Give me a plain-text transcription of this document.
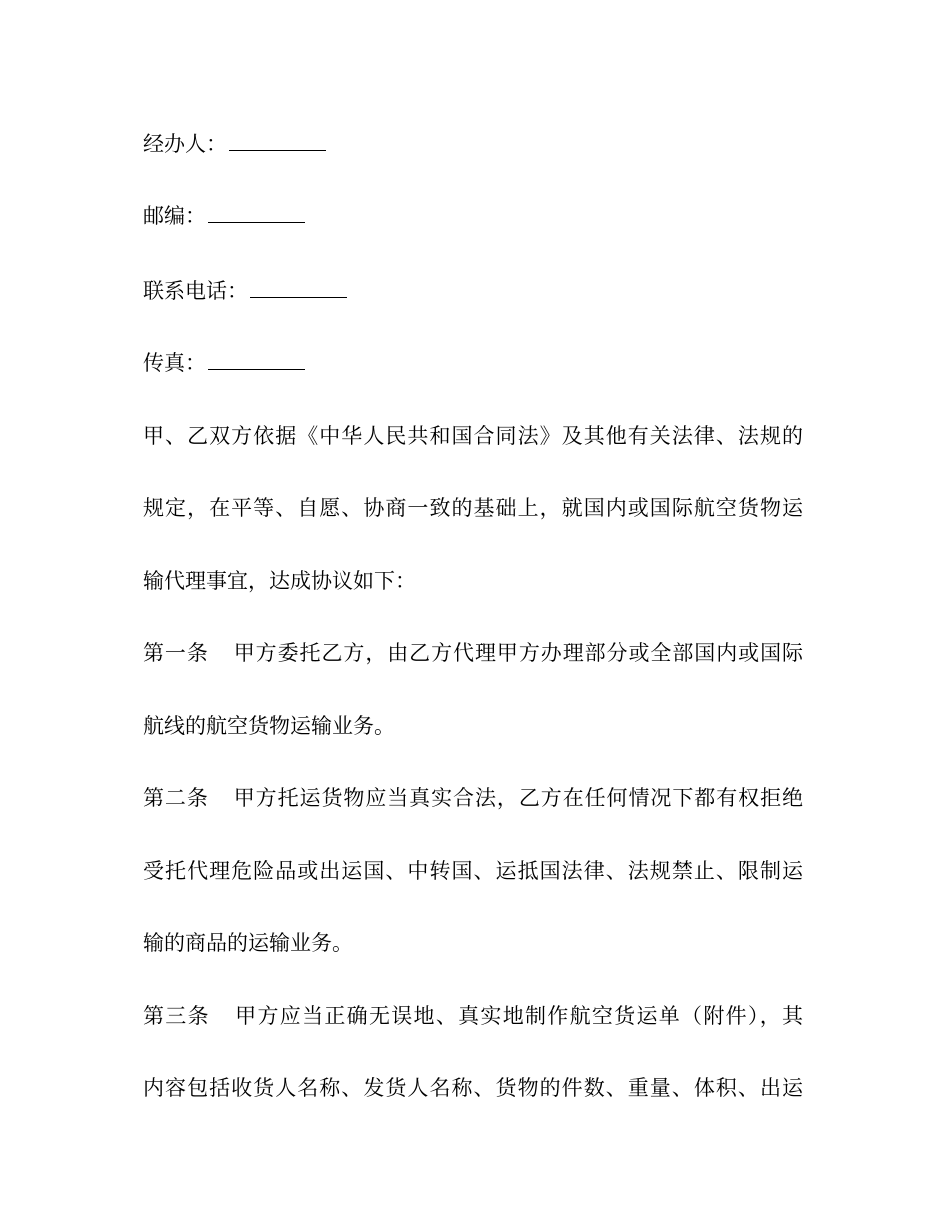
经办人：
邮编：
联系电话：
传真：
甲、乙双方依据《中华人民共和国合同法》及其他有关法律、法规的
规定，在平等、自愿、协商一致的基础上，就国内或国际航空货物运
输代理事宜，达成协议如下：
第一条 甲方委托乙方，由乙方代理甲方办理部分或全部国内或国际
航线的航空货物运输业务。
第二条 甲方托运货物应当真实合法，乙方在任何情况下都有权拒绝
受托代理危险品或出运国、中转国、运抵国法律、法规禁止、限制运
输的商品的运输业务。
第三条 甲方应当正确无误地、真实地制作航空货运单（附件），其
内容包括收货人名称、发货人名称、货物的件数、重量、体积、出运
